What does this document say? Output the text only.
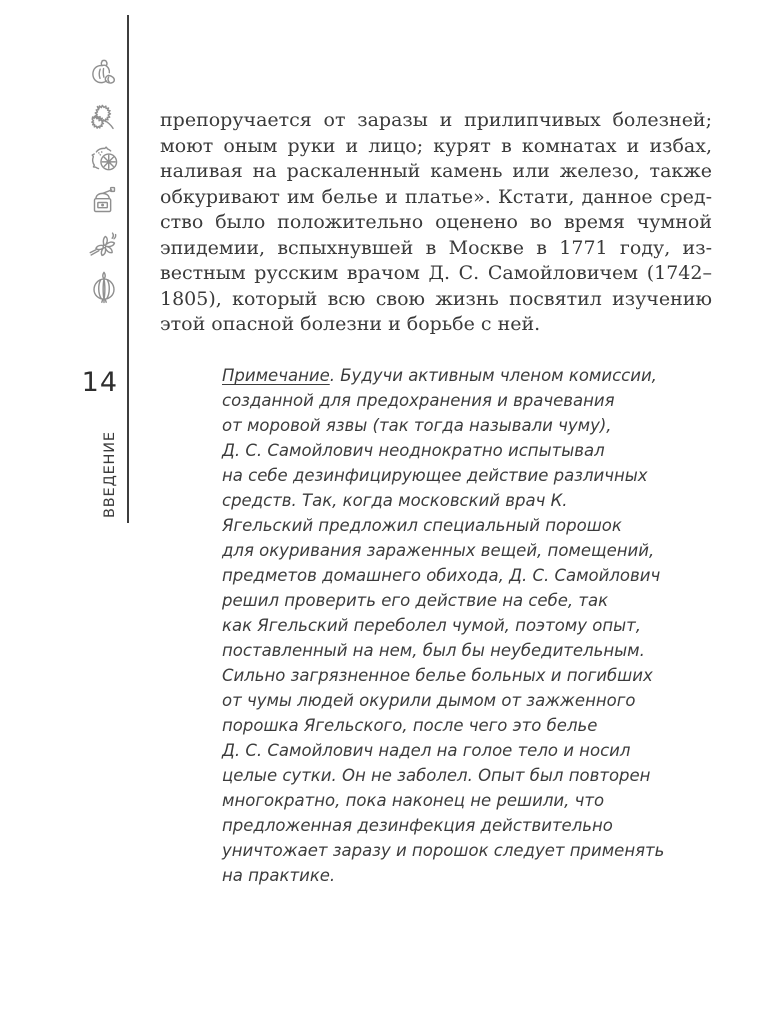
14
ВВЕДЕНИЕ
препоручается от заразы и прилипчивых болезней;
моют оным руки и лицо; курят в комнатах и избах,
наливая на раскаленный камень или железо, также
обкуривают им белье и платье». Кстати, данное сред-
ство было положительно оценено во время чумной
эпидемии, вспыхнувшей в Москве в 1771 году, из-
вестным русским врачом Д. С. Самойловичем (1742–
1805), который всю свою жизнь посвятил изучению
этой опасной болезни и борьбе с ней.
Примечание. Будучи активным членом комиссии,
созданной для предохранения и врачевания
от моровой язвы (так тогда называли чуму),
Д. С. Самойлович неоднократно испытывал
на себе дезинфицирующее действие различных
средств. Так, когда московский врач К.
Ягельский предложил специальный порошок
для окуривания зараженных вещей, помещений,
предметов домашнего обихода, Д. С. Самойлович
решил проверить его действие на себе, так
как Ягельский переболел чумой, поэтому опыт,
поставленный на нем, был бы неубедительным.
Сильно загрязненное белье больных и погибших
от чумы людей окурили дымом от зажженного
порошка Ягельского, после чего это белье
Д. С. Самойлович надел на голое тело и носил
целые сутки. Он не заболел. Опыт был повторен
многократно, пока наконец не решили, что
предложенная дезинфекция действительно
уничтожает заразу и порошок следует применять
на практике.
